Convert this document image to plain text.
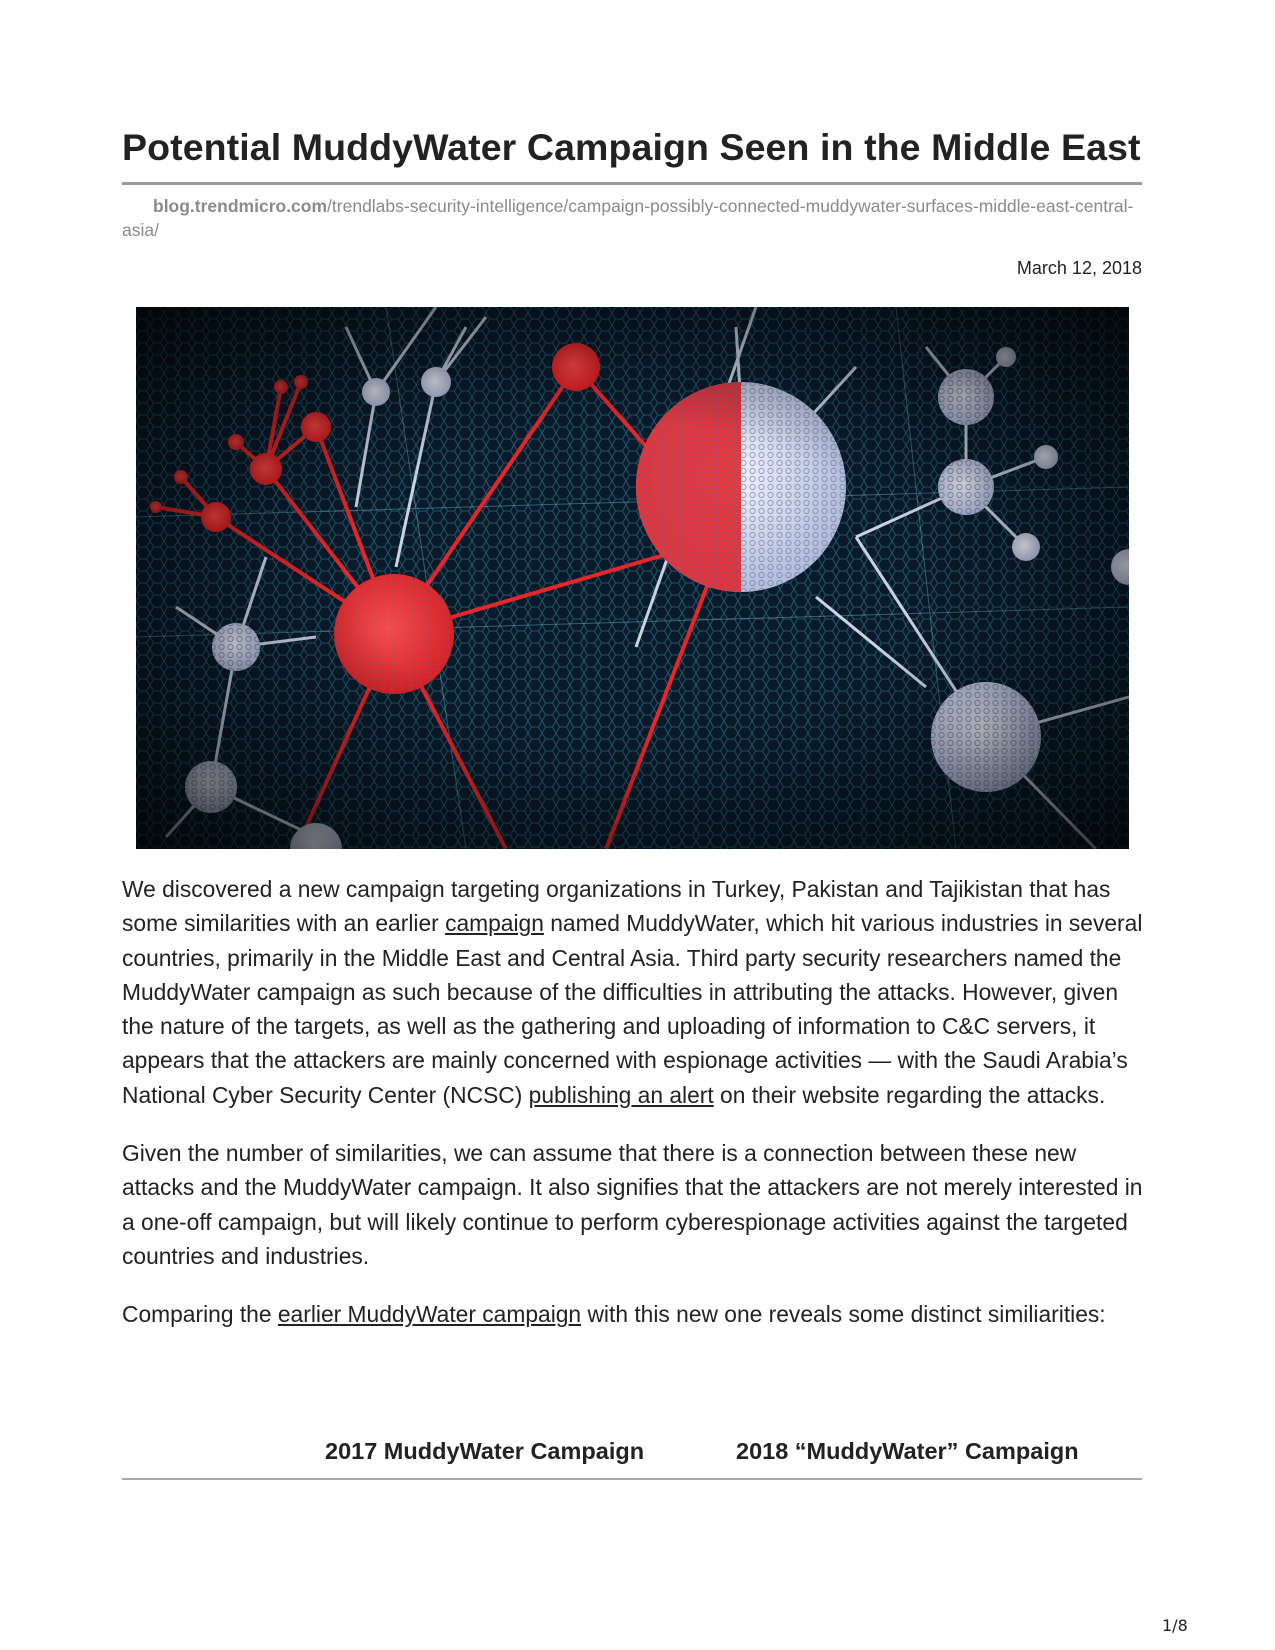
Potential MuddyWater Campaign Seen in the Middle East
blog.trendmicro.com/trendlabs-security-intelligence/campaign-possibly-connected-muddywater-surfaces-middle-east-central-asia/
March 12, 2018

We discovered a new campaign targeting organizations in Turkey, Pakistan and Tajikistan that has some similarities with an earlier campaign named MuddyWater, which hit various industries in several countries, primarily in the Middle East and Central Asia. Third party security researchers named the MuddyWater campaign as such because of the difficulties in attributing the attacks. However, given the nature of the targets, as well as the gathering and uploading of information to C&C servers, it appears that the attackers are mainly concerned with espionage activities — with the Saudi Arabia’s National Cyber Security Center (NCSC) publishing an alert on their website regarding the attacks.

Given the number of similarities, we can assume that there is a connection between these new attacks and the MuddyWater campaign. It also signifies that the attackers are not merely interested in a one-off campaign, but will likely continue to perform cyberespionage activities against the targeted countries and industries.

Comparing the earlier MuddyWater campaign with this new one reveals some distinct similiarities:

2017 MuddyWater Campaign	2018 “MuddyWater” Campaign
1/8
